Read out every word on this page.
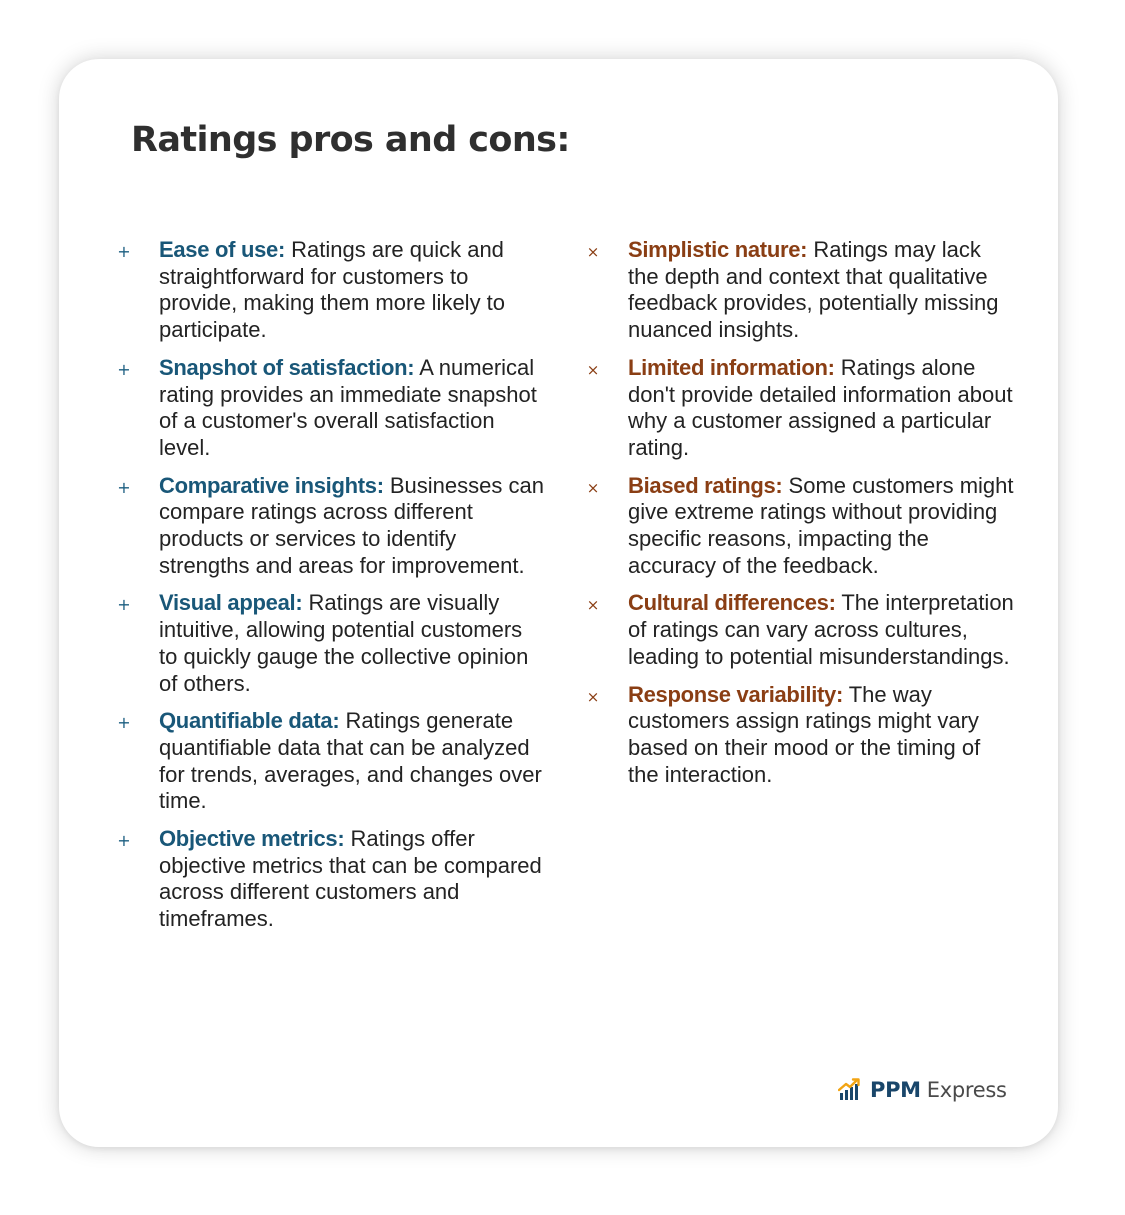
Ratings pros and cons:
+ Ease of use: Ratings are quick and straightforward for customers to provide, making them more likely to participate.
+ Snapshot of satisfaction: A numerical rating provides an immediate snapshot of a customer's overall satisfaction level.
+ Comparative insights: Businesses can compare ratings across different products or services to identify strengths and areas for improvement.
+ Visual appeal: Ratings are visually intuitive, allowing potential customers to quickly gauge the collective opinion of others.
+ Quantifiable data: Ratings generate quantifiable data that can be analyzed for trends, averages, and changes over time.
+ Objective metrics: Ratings offer objective metrics that can be compared across different customers and timeframes.
× Simplistic nature: Ratings may lack the depth and context that qualitative feedback provides, potentially missing nuanced insights.
× Limited information: Ratings alone don't provide detailed information about why a customer assigned a particular rating.
× Biased ratings: Some customers might give extreme ratings without providing specific reasons, impacting the accuracy of the feedback.
× Cultural differences: The interpretation of ratings can vary across cultures, leading to potential misunderstandings.
× Response variability: The way customers assign ratings might vary based on their mood or the timing of the interaction.
PPM Express
